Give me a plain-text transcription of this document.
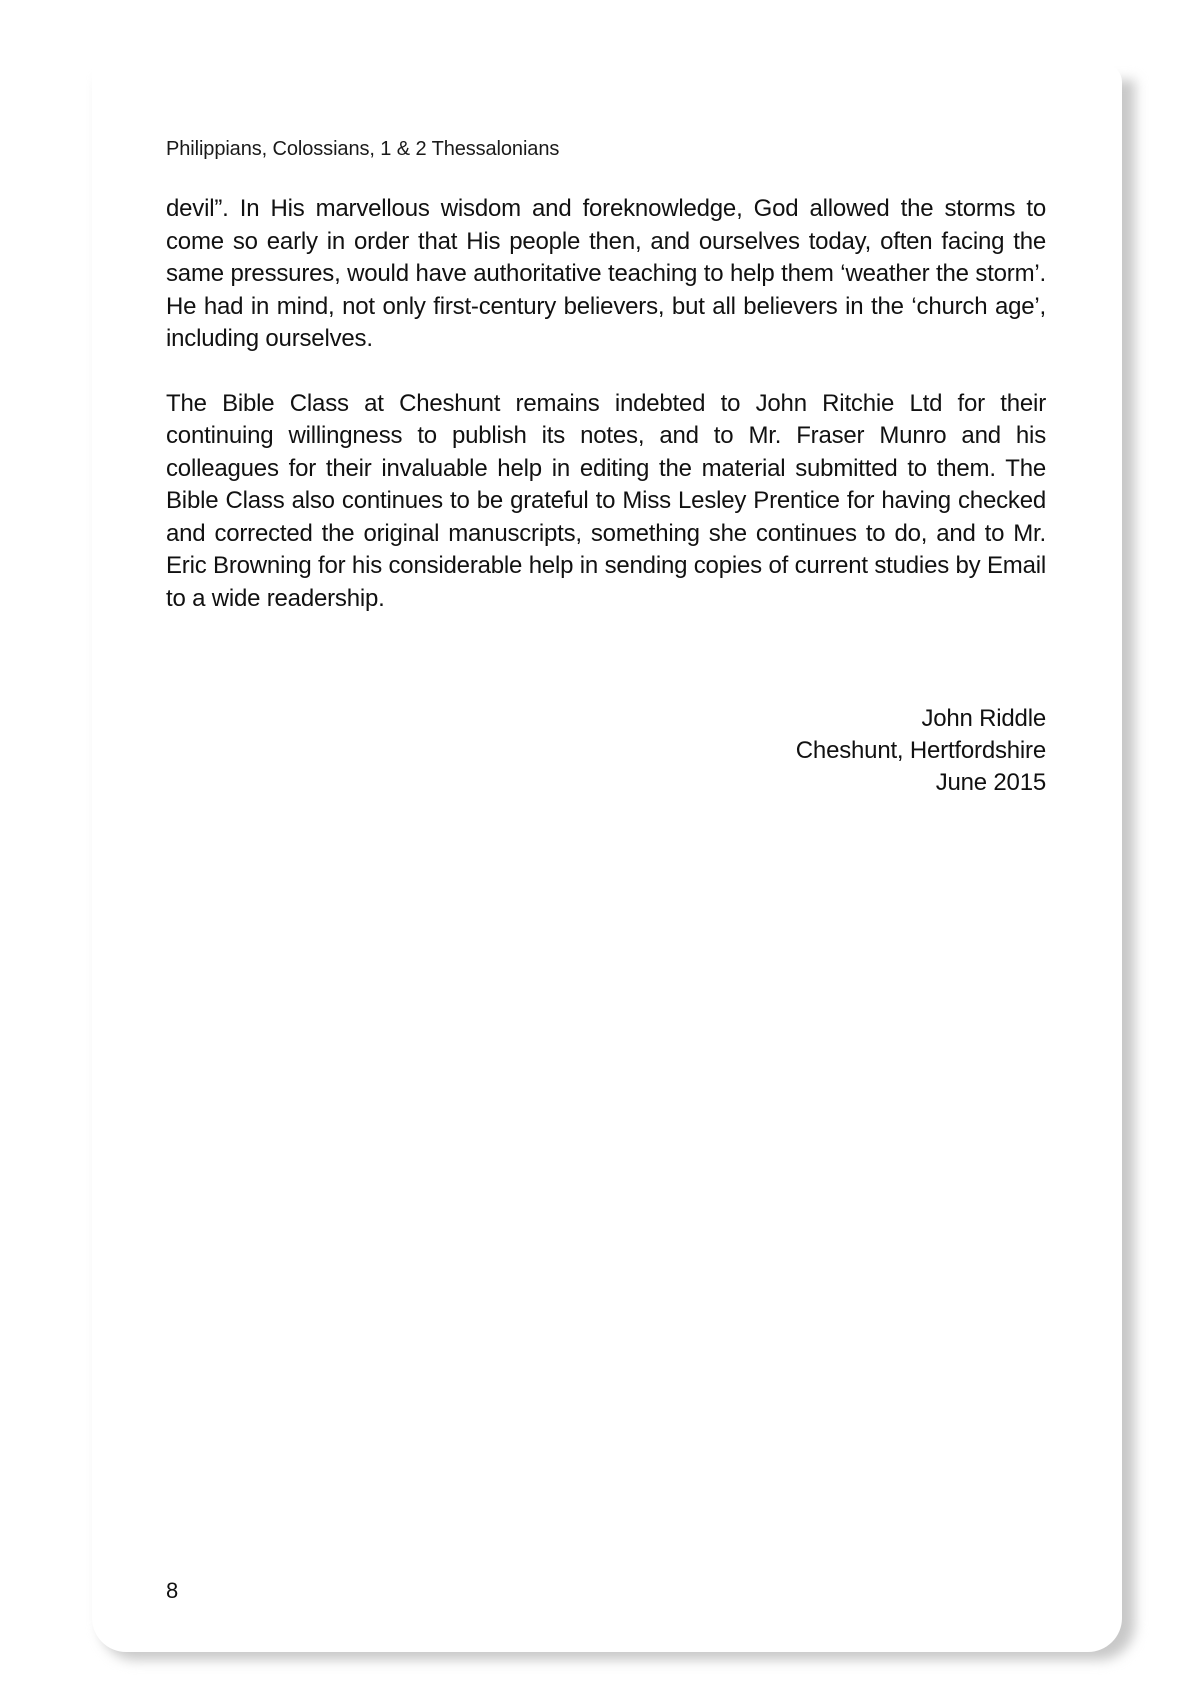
Philippians, Colossians, 1 & 2 Thessalonians

devil”. In His marvellous wisdom and foreknowledge, God allowed the storms to come so early in order that His people then, and ourselves today, often facing the same pressures, would have authoritative teaching to help them ‘weather the storm’. He had in mind, not only first-century believers, but all believers in the ‘church age’, including ourselves.

The Bible Class at Cheshunt remains indebted to John Ritchie Ltd for their continuing willingness to publish its notes, and to Mr. Fraser Munro and his colleagues for their invaluable help in editing the material submitted to them. The Bible Class also continues to be grateful to Miss Lesley Prentice for having checked and corrected the original manuscripts, something she continues to do, and to Mr. Eric Browning for his considerable help in sending copies of current studies by Email to a wide readership.

John Riddle
Cheshunt, Hertfordshire
June 2015
8
